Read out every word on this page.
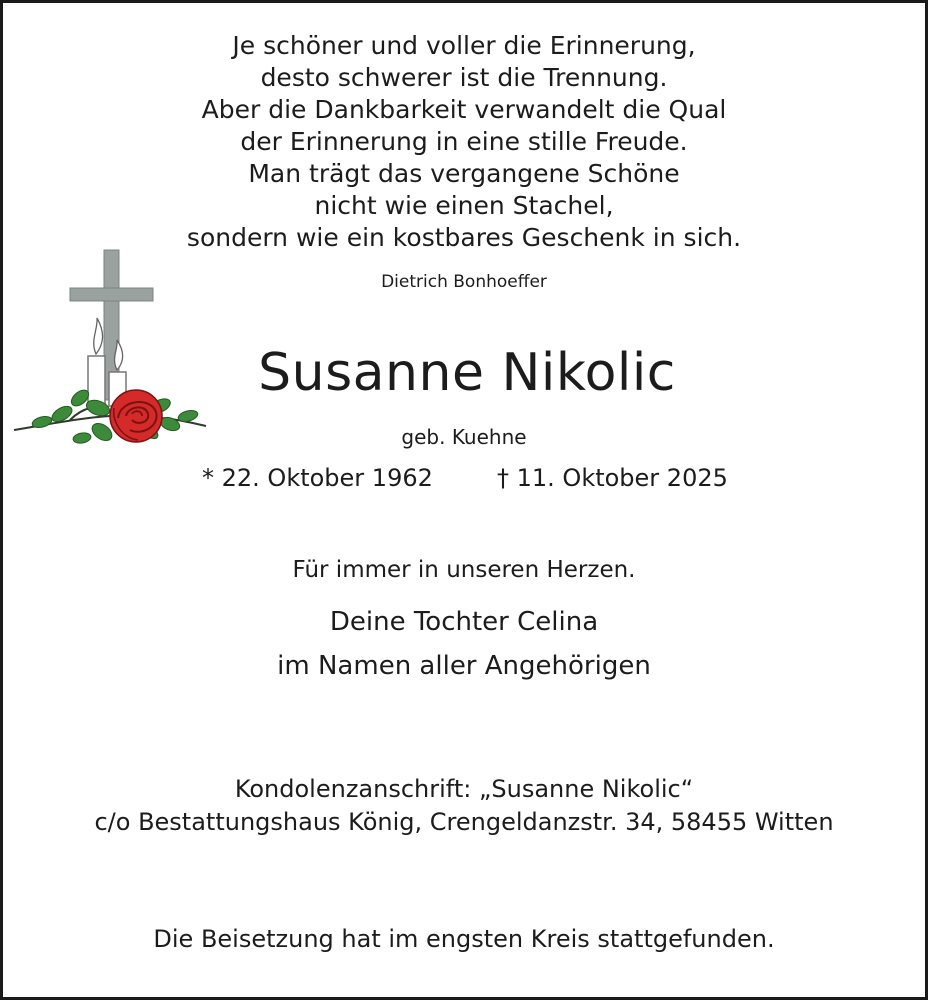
Je schöner und voller die Erinnerung,
desto schwerer ist die Trennung.
Aber die Dankbarkeit verwandelt die Qual
der Erinnerung in eine stille Freude.
Man trägt das vergangene Schöne
nicht wie einen Stachel,
sondern wie ein kostbares Geschenk in sich.
Dietrich Bonhoeffer
Susanne Nikolic
geb. Kuehne
* 22. Oktober 1962	† 11. Oktober 2025
Für immer in unseren Herzen.
Deine Tochter Celina
im Namen aller Angehörigen
Kondolenzanschrift: „Susanne Nikolic“
c/o Bestattungshaus König, Crengeldanzstr. 34, 58455 Witten
Die Beisetzung hat im engsten Kreis stattgefunden.
